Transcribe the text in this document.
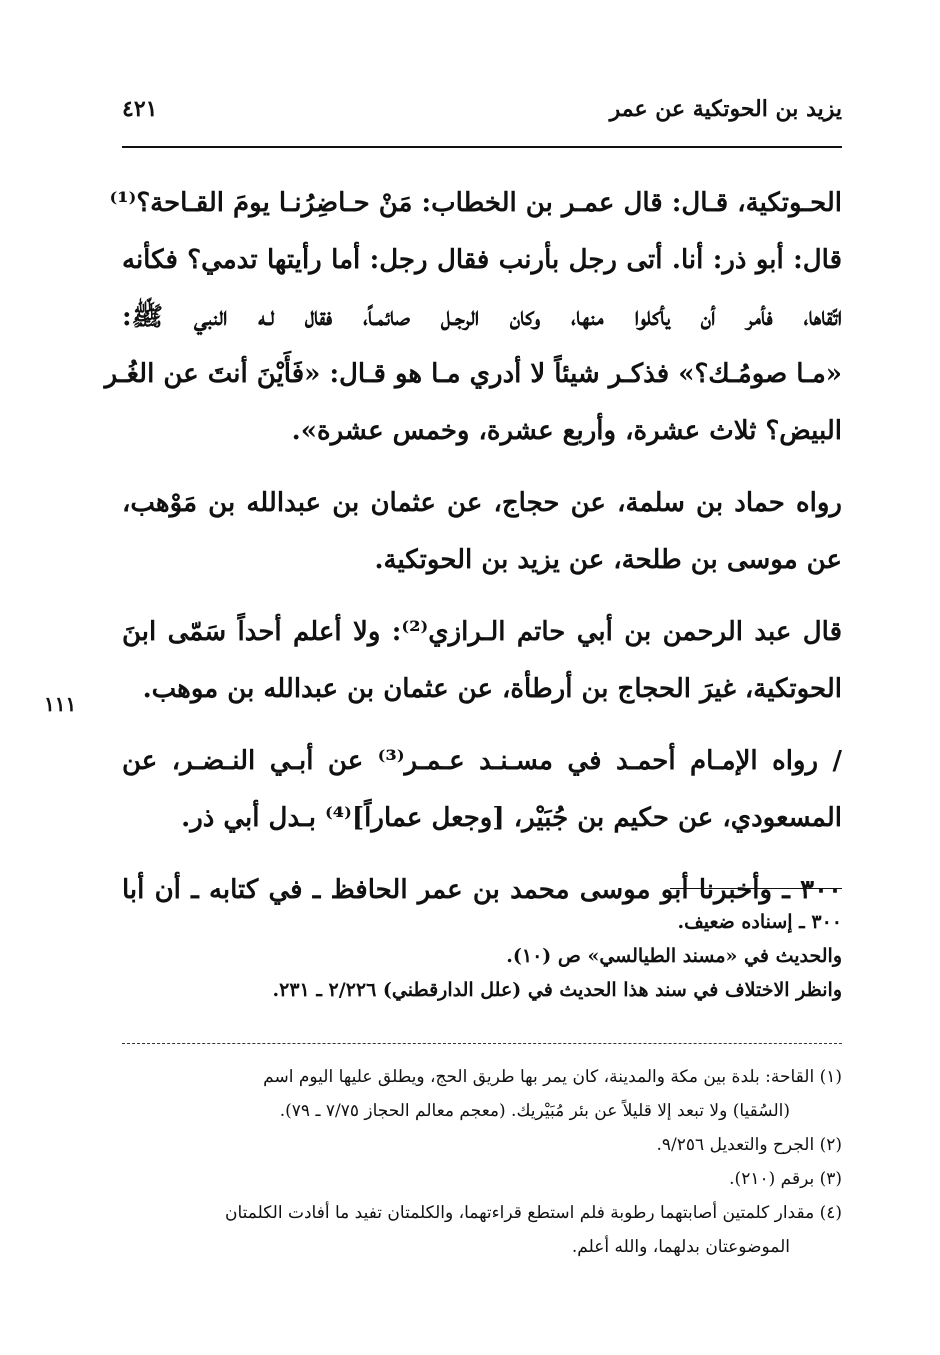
يزيد بن الحوتكية عن عمر
٤٢١

الحـوتكية، قـال: قال عمـر بن الخطاب: مَنْ حـاضِرُنـا يومَ القـاحة؟⁽¹⁾
قال: أبو ذر: أنا. أتى رجل بأرنب فقال رجل: أما رأيتها تدمي؟ فكأنه
اتّقاها، فأمر أن يأكلوا منها، وكان الرجـل صائمـاً، فقال لـه النبي ﷺ:
«مـا صومُـك؟» فذكـر شيئاً لا أدري مـا هو قـال: «فَأَيْنَ أنتَ عن الغُـر
البيض؟ ثلاث عشرة، وأربع عشرة، وخمس عشرة».

رواه حماد بن سلمة، عن حجاج، عن عثمان بن عبدالله بن مَوْهب،
عن موسى بن طلحة، عن يزيد بن الحوتكية.

قال عبد الرحمن بن أبي حاتم الـرازي⁽²⁾: ولا أعلم أحداً سَمّى ابنَ
الحوتكية، غيرَ الحجاج بن أرطأة، عن عثمان بن عبدالله بن موهب.

/ رواه الإمـام أحمـد في مسـنـد عـمـر⁽³⁾ عن أبـي النـضـر، عن
المسعودي، عن حكيم بن جُبَيْر، [وجعل عماراً]⁽⁴⁾ بـدل أبي ذر.

٣٠٠ ـ وأخبرنا أبو موسى محمد بن عمر الحافظ ـ في كتابه ـ أن أبا

١١١
٣٠٠ ـ إسناده ضعيف.
والحديث في «مسند الطيالسي» ص (١٠).
وانظر الاختلاف في سند هذا الحديث في (علل الدارقطني) ٢/٢٢٦ ـ ٢٣١.
(١) القاحة: بلدة بين مكة والمدينة، كان يمر بها طريق الحج، ويطلق عليها اليوم اسم
(السُقيا) ولا تبعد إلا قليلاً عن بئر مُبَيْريك. (معجم معالم الحجاز ٧/٧٥ ـ ٧٩).
(٢) الجرح والتعديل ٩/٢٥٦.
(٣) برقم (٢١٠).
(٤) مقدار كلمتين أصابتهما رطوبة فلم استطع قراءتهما، والكلمتان تفيد ما أفادت الكلمتان
الموضوعتان بدلهما، والله أعلم.
